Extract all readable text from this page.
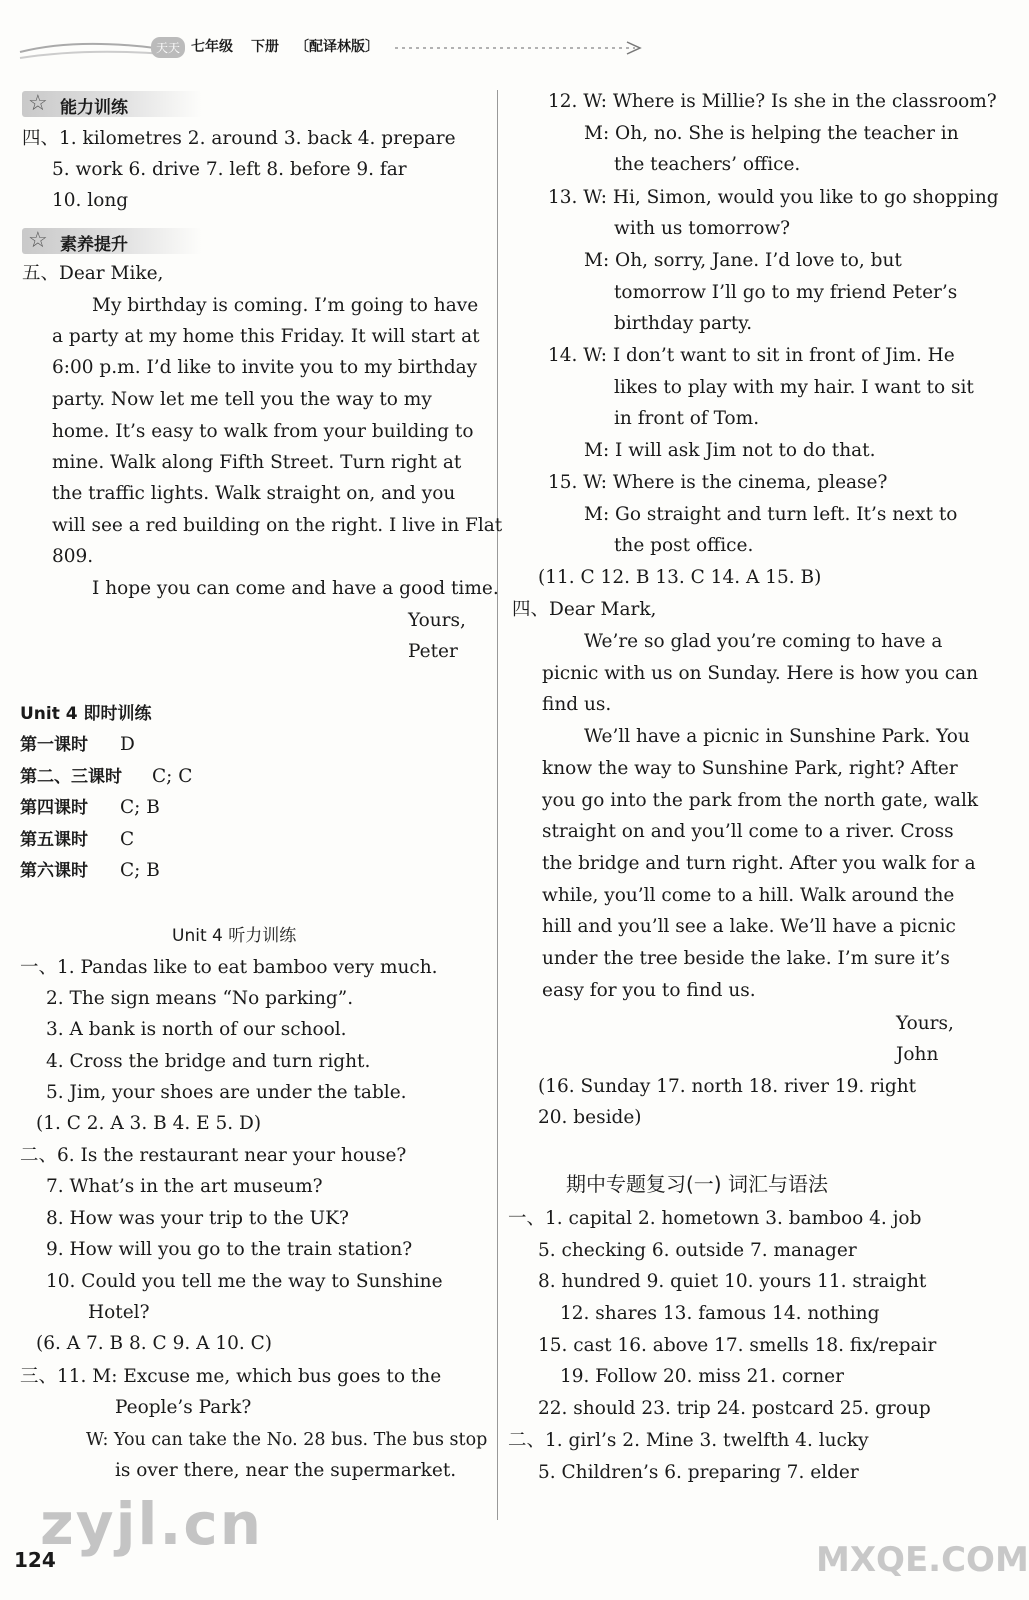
天天 七年级 下册 〔配译林版〕
☆ 能力训练
四、1. kilometres 2. around 3. back 4. prepare
5. work 6. drive 7. left 8. before 9. far
10. long
☆ 素养提升
五、Dear Mike,
My birthday is coming. I’m going to have
a party at my home this Friday. It will start at
6:00 p.m. I’d like to invite you to my birthday
party. Now let me tell you the way to my
home. It’s easy to walk from your building to
mine. Walk along Fifth Street. Turn right at
the traffic lights. Walk straight on, and you
will see a red building on the right. I live in Flat
809.
I hope you can come and have a good time.
Yours,
Peter
Unit 4 即时训练
第一课时 D
第二、三课时 C; C
第四课时 C; B
第五课时 C
第六课时 C; B
Unit 4 听力训练
一、1. Pandas like to eat bamboo very much.
2. The sign means “No parking”.
3. A bank is north of our school.
4. Cross the bridge and turn right.
5. Jim, your shoes are under the table.
(1. C 2. A 3. B 4. E 5. D)
二、6. Is the restaurant near your house?
7. What’s in the art museum?
8. How was your trip to the UK?
9. How will you go to the train station?
10. Could you tell me the way to Sunshine
Hotel?
(6. A 7. B 8. C 9. A 10. C)
三、11. M: Excuse me, which bus goes to the
People’s Park?
W: You can take the No. 28 bus. The bus stop
is over there, near the supermarket.
12. W: Where is Millie? Is she in the classroom?
M: Oh, no. She is helping the teacher in
the teachers’ office.
13. W: Hi, Simon, would you like to go shopping
with us tomorrow?
M: Oh, sorry, Jane. I’d love to, but
tomorrow I’ll go to my friend Peter’s
birthday party.
14. W: I don’t want to sit in front of Jim. He
likes to play with my hair. I want to sit
in front of Tom.
M: I will ask Jim not to do that.
15. W: Where is the cinema, please?
M: Go straight and turn left. It’s next to
the post office.
(11. C 12. B 13. C 14. A 15. B)
四、Dear Mark,
We’re so glad you’re coming to have a
picnic with us on Sunday. Here is how you can
find us.
We’ll have a picnic in Sunshine Park. You
know the way to Sunshine Park, right? After
you go into the park from the north gate, walk
straight on and you’ll come to a river. Cross
the bridge and turn right. After you walk for a
while, you’ll come to a hill. Walk around the
hill and you’ll see a lake. We’ll have a picnic
under the tree beside the lake. I’m sure it’s
easy for you to find us.
Yours,
John
(16. Sunday 17. north 18. river 19. right
20. beside)
期中专题复习(一) 词汇与语法
一、1. capital 2. hometown 3. bamboo 4. job
5. checking 6. outside 7. manager
8. hundred 9. quiet 10. yours 11. straight
12. shares 13. famous 14. nothing
15. cast 16. above 17. smells 18. fix/repair
19. Follow 20. miss 21. corner
22. should 23. trip 24. postcard 25. group
二、1. girl’s 2. Mine 3. twelfth 4. lucky
5. Children’s 6. preparing 7. elder
zyjl.cn
124	MXQE.COM
